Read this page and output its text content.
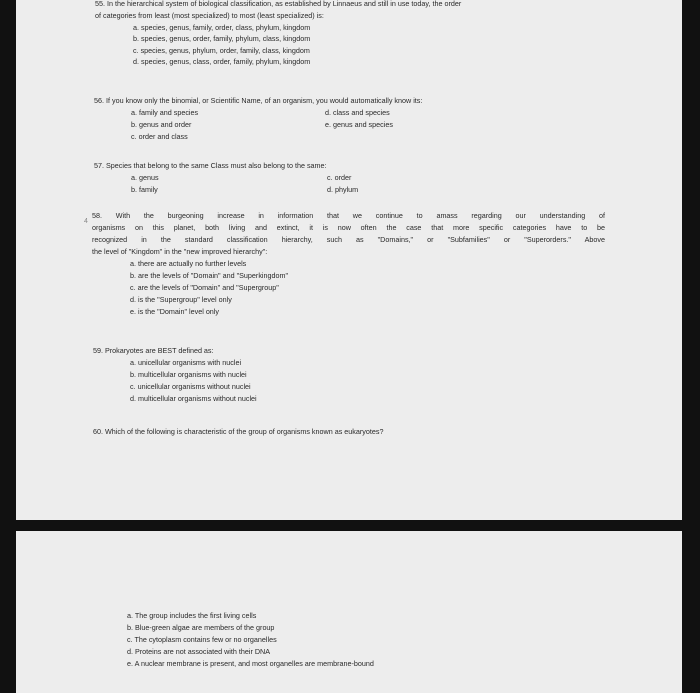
55. In the hierarchical system of biological classification, as established by Linnaeus and still in use today, the order
of categories from least (most specialized) to most (least specialized) is:
a. species, genus, family, order, class, phylum, kingdom
b. species, genus, order, family, phylum, class, kingdom
c. species, genus, phylum, order, family, class, kingdom
d. species, genus, class, order, family, phylum, kingdom
56. If you know only the binomial, or Scientific Name, of an organism, you would automatically know its:
a. family and species
b. genus and order
c. order and class
d. class and species
e. genus and species
57. Species that belong to the same Class must also belong to the same:
a. genus
b. family
c. order
d. phylum
4
58. With the burgeoning increase in information that we continue to amass regarding our understanding of
organisms on this planet, both living and extinct, it is now often the case that more specific categories have to be
recognized in the standard classification hierarchy, such as "Domains," or "Subfamilies" or "Superorders." Above
the level of "Kingdom" in the "new improved hierarchy":
a. there are actually no further levels
b. are the levels of "Domain" and "Superkingdom"
c. are the levels of "Domain" and "Supergroup"
d. is the "Supergroup" level only
e. is the "Domain" level only
59. Prokaryotes are BEST defined as:
a. unicellular organisms with nuclei
b. multicellular organisms with nuclei
c. unicellular organisms without nuclei
d. multicellular organisms without nuclei
60. Which of the following is characteristic of the group of organisms known as eukaryotes?
a. The group includes the first living cells
b. Blue-green algae are members of the group
c. The cytoplasm contains few or no organelles
d. Proteins are not associated with their DNA
e. A nuclear membrane is present, and most organelles are membrane-bound
